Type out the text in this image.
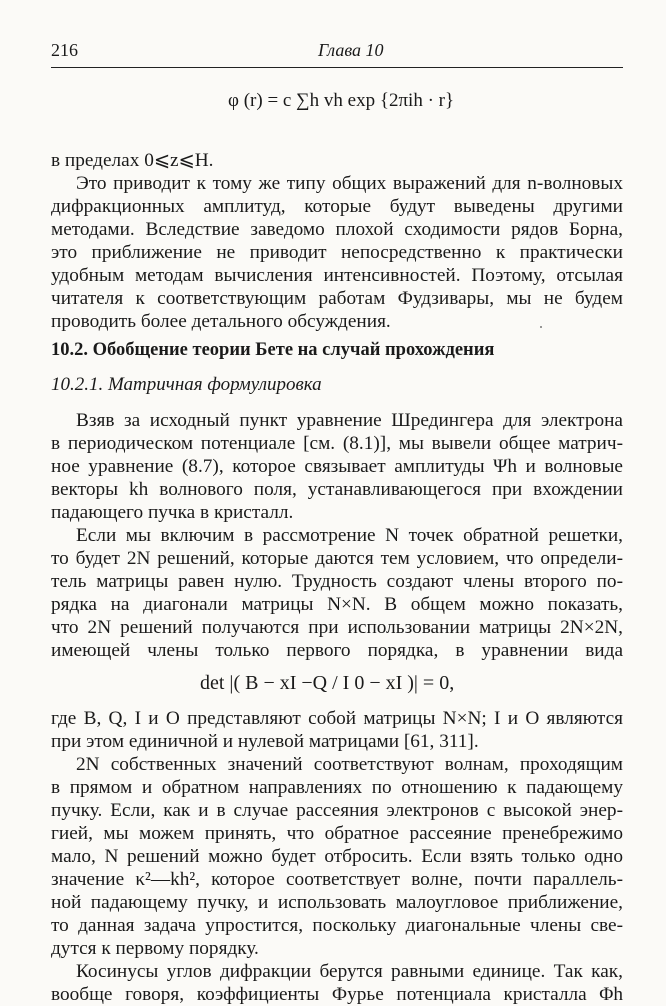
216	Глава 10
φ (r) = c ∑h vh exp {2πih · r}
в пределах 0⩽z⩽H.
Это приводит к тому же типу общих выражений для n-волновых
дифракционных амплитуд, которые будут выведены другими
методами. Вследствие заведомо плохой сходимости рядов Борна,
это приближение не приводит непосредственно к практически
удобным методам вычисления интенсивностей. Поэтому, отсылая
читателя к соответствующим работам Фудзивары, мы не будем
проводить более детального обсуждения.
10.2. Обобщение теории Бете на случай прохождения
10.2.1. Матричная формулировка
Взяв за исходный пункт уравнение Шредингера для электрона
в периодическом потенциале [см. (8.1)], мы вывели общее матрич-
ное уравнение (8.7), которое связывает амплитуды Ψh и волновые
векторы kh волнового поля, устанавливающегося при вхождении
падающего пучка в кристалл.
Если мы включим в рассмотрение N точек обратной решетки,
то будет 2N решений, которые даются тем условием, что определи-
тель матрицы равен нулю. Трудность создают члены второго по-
рядка на диагонали матрицы N×N. В общем можно показать,
что 2N решений получаются при использовании матрицы 2N×2N,
имеющей члены только первого порядка, в уравнении вида
det |( B − xI −Q / I 0 − xI )| = 0,
где B, Q, I и O представляют собой матрицы N×N; I и O являются
при этом единичной и нулевой матрицами [61, 311].
2N собственных значений соответствуют волнам, проходящим
в прямом и обратном направлениях по отношению к падающему
пучку. Если, как и в случае рассеяния электронов с высокой энер-
гией, мы можем принять, что обратное рассеяние пренебрежимо
мало, N решений можно будет отбросить. Если взять только одно
значение κ²—kh², которое соответствует волне, почти параллель-
ной падающему пучку, и использовать малоугловое приближение,
то данная задача упростится, поскольку диагональные члены све-
дутся к первому порядку.
Косинусы углов дифракции берутся равными единице. Так как,
вообще говоря, коэффициенты Фурье потенциала кристалла Φh
